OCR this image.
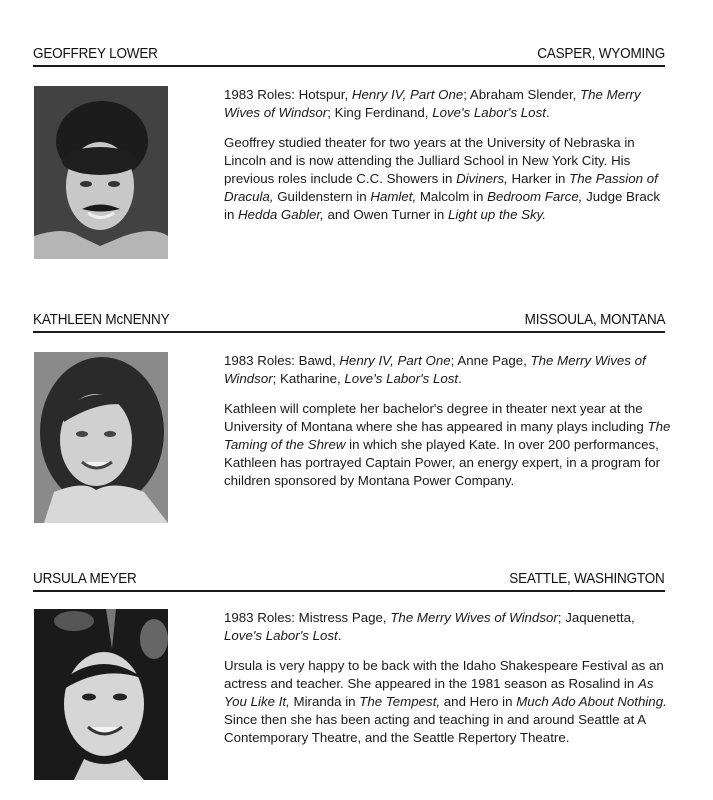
GEOFFREY LOWER	CASPER, WYOMING

1983 Roles: Hotspur, Henry IV, Part One; Abraham Slender, The Merry Wives of Windsor; King Ferdinand, Love's Labor's Lost.

Geoffrey studied theater for two years at the University of Nebraska in Lincoln and is now attending the Julliard School in New York City. His previous roles include C.C. Showers in Diviners, Harker in The Passion of Dracula, Guildenstern in Hamlet, Malcolm in Bedroom Farce, Judge Brack in Hedda Gabler, and Owen Turner in Light up the Sky.

KATHLEEN McNENNY	MISSOULA, MONTANA

1983 Roles: Bawd, Henry IV, Part One; Anne Page, The Merry Wives of Windsor; Katharine, Love's Labor's Lost.

Kathleen will complete her bachelor's degree in theater next year at the University of Montana where she has appeared in many plays including The Taming of the Shrew in which she played Kate. In over 200 performances, Kathleen has portrayed Captain Power, an energy expert, in a program for children sponsored by Montana Power Company.

URSULA MEYER	SEATTLE, WASHINGTON

1983 Roles: Mistress Page, The Merry Wives of Windsor; Jaquenetta, Love's Labor's Lost.

Ursula is very happy to be back with the Idaho Shakespeare Festival as an actress and teacher. She appeared in the 1981 season as Rosalind in As You Like It, Miranda in The Tempest, and Hero in Much Ado About Nothing. Since then she has been acting and teaching in and around Seattle at A Contemporary Theatre, and the Seattle Repertory Theatre.
